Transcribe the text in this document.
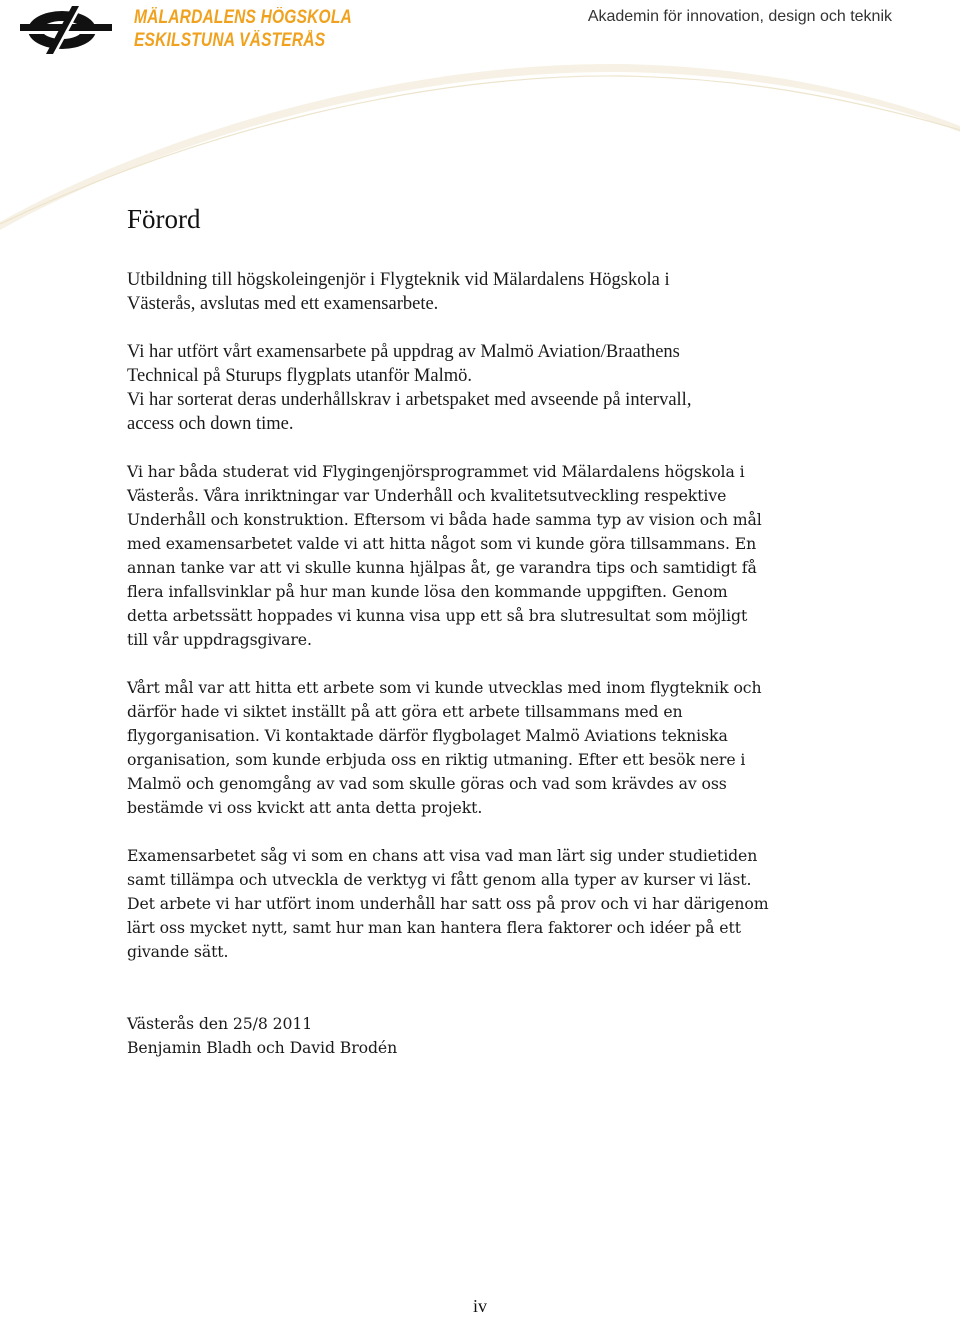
MÄLARDALENS HÖGSKOLA
ESKILSTUNA VÄSTERÅS
Akademin för innovation, design och teknik
Förord

Utbildning till högskoleingenjör i Flygteknik vid Mälardalens Högskola i
Västerås, avslutas med ett examensarbete.

Vi har utfört vårt examensarbete på uppdrag av Malmö Aviation/Braathens
Technical på Sturups flygplats utanför Malmö.
Vi har sorterat deras underhållskrav i arbetspaket med avseende på intervall,
access och down time.

Vi har båda studerat vid Flygingenjörsprogrammet vid Mälardalens högskola i
Västerås. Våra inriktningar var Underhåll och kvalitetsutveckling respektive
Underhåll och konstruktion. Eftersom vi båda hade samma typ av vision och mål
med examensarbetet valde vi att hitta något som vi kunde göra tillsammans. En
annan tanke var att vi skulle kunna hjälpas åt, ge varandra tips och samtidigt få
flera infallsvinklar på hur man kunde lösa den kommande uppgiften. Genom
detta arbetssätt hoppades vi kunna visa upp ett så bra slutresultat som möjligt
till vår uppdragsgivare.

Vårt mål var att hitta ett arbete som vi kunde utvecklas med inom flygteknik och
därför hade vi siktet inställt på att göra ett arbete tillsammans med en
flygorganisation. Vi kontaktade därför flygbolaget Malmö Aviations tekniska
organisation, som kunde erbjuda oss en riktig utmaning. Efter ett besök nere i
Malmö och genomgång av vad som skulle göras och vad som krävdes av oss
bestämde vi oss kvickt att anta detta projekt.

Examensarbetet såg vi som en chans att visa vad man lärt sig under studietiden
samt tillämpa och utveckla de verktyg vi fått genom alla typer av kurser vi läst.
Det arbete vi har utfört inom underhåll har satt oss på prov och vi har därigenom
lärt oss mycket nytt, samt hur man kan hantera flera faktorer och idéer på ett
givande sätt.

Västerås den 25/8 2011
Benjamin Bladh och David Brodén

iv
